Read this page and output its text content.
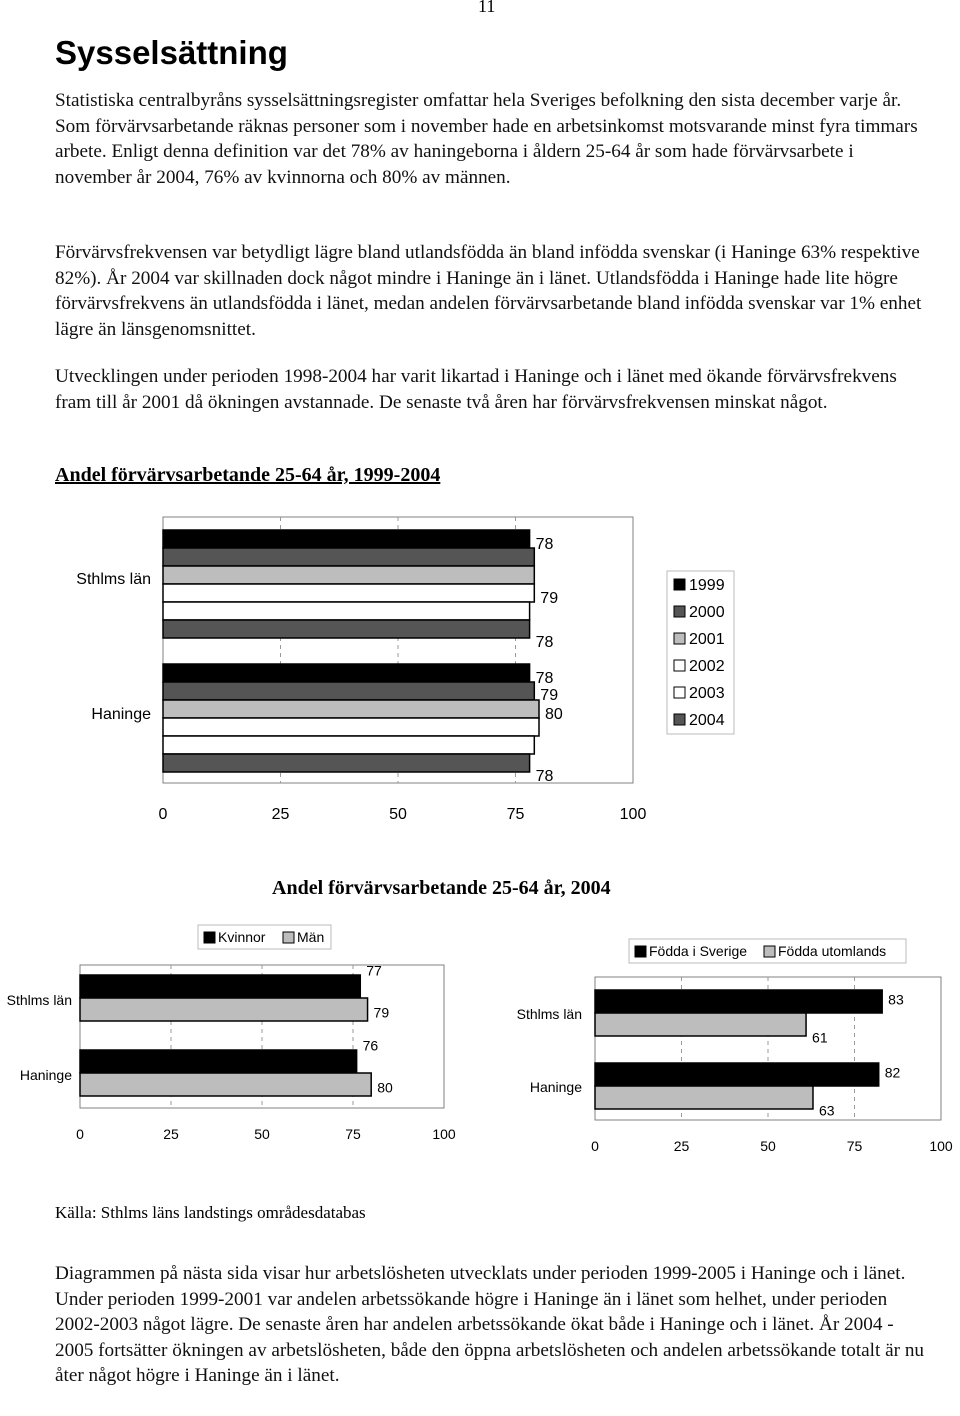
11
Sysselsättning

Statistiska centralbyråns sysselsättningsregister omfattar hela Sveriges befolkning den sista december varje år. Som förvärvsarbetande räknas personer som i november hade en arbetsinkomst motsvarande minst fyra timmars arbete. Enligt denna definition var det 78% av haningeborna i åldern 25-64 år som hade förvärvsarbete i november år 2004, 76% av kvinnorna och 80% av männen.

Förvärvsfrekvensen var betydligt lägre bland utlandsfödda än bland infödda svenskar (i Haninge 63% respektive 82%). År 2004 var skillnaden dock något mindre i Haninge än i länet. Utlandsfödda i Haninge hade lite högre förvärvsfrekvens än utlandsfödda i länet, medan andelen förvärvsarbetande bland infödda svenskar var 1% enhet lägre än länsgenomsnittet.

Utvecklingen under perioden 1998-2004 har varit likartad i Haninge och i länet med ökande förvärvsfrekvens fram till år 2001 då ökningen avstannade. De senaste två åren har förvärvsfrekvensen minskat något.

Andel förvärvsarbetande 25-64 år, 1999-2004
Andel förvärvsarbetande 25-64 år, 2004
Sthlms län
Haninge
78
79
78
78
79
80
78
0	25	50	75	100
1999
2000
2001
2002
2003
2004
Sthlms län
77
79
Haninge
76
80
0	25	50	75	100
Kvinnor Män
Sthlms län
83
61
Haninge
82
63
0	25	50	75	100
Födda i Sverige Födda utomlands
Källa: Sthlms läns landstings områdesdatabas

Diagrammen på nästa sida visar hur arbetslösheten utvecklats under perioden 1999-2005 i Haninge och i länet. Under perioden 1999-2001 var andelen arbetssökande högre i Haninge än i länet som helhet, under perioden 2002-2003 något lägre. De senaste åren har andelen arbetssökande ökat både i Haninge och i länet. År 2004 - 2005 fortsätter ökningen av arbetslösheten, både den öppna arbetslösheten och andelen arbetssökande totalt är nu åter något högre i Haninge än i länet.
